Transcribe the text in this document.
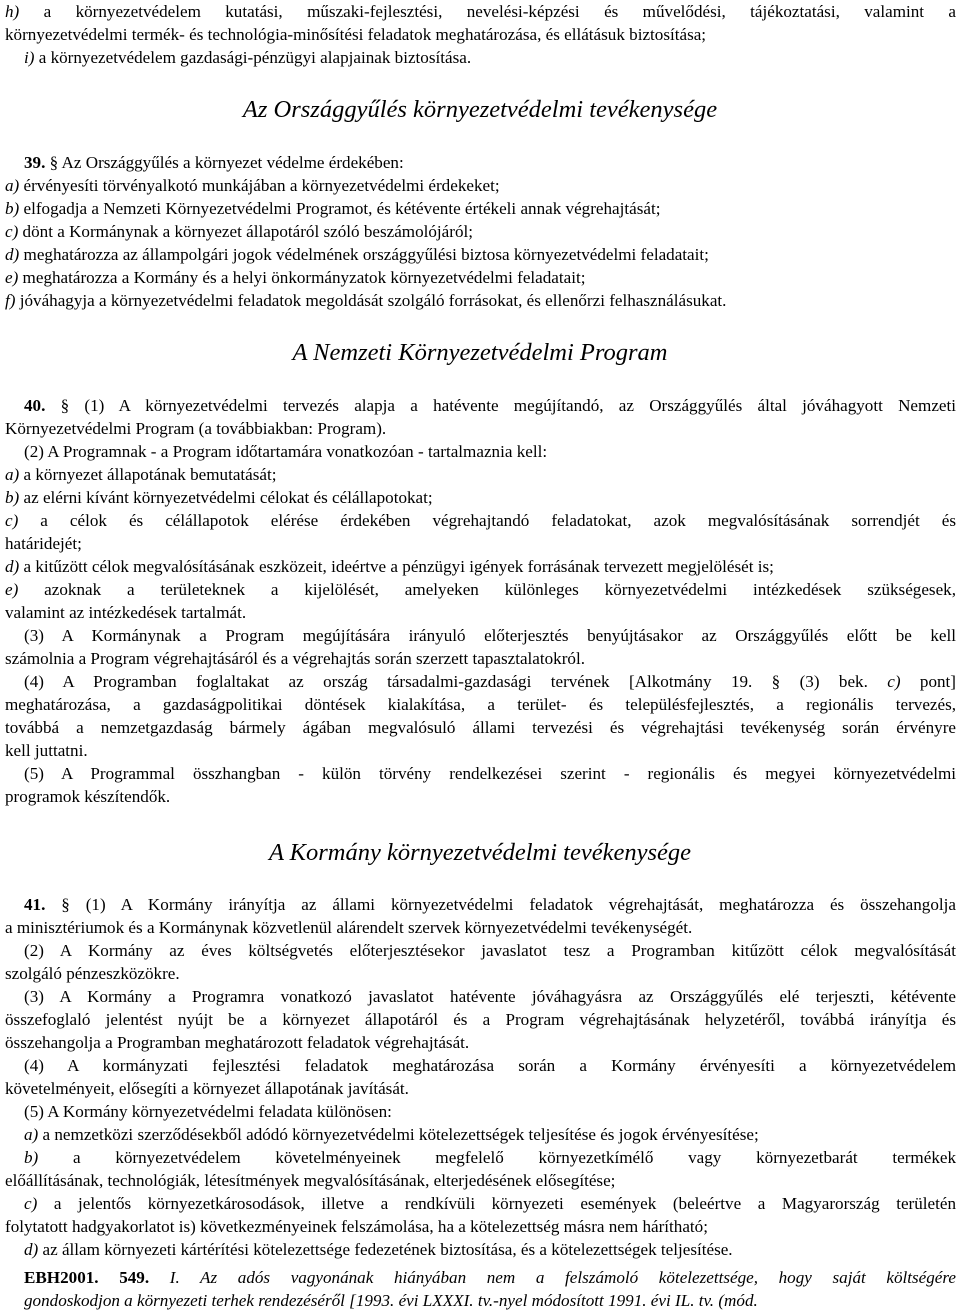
h) a környezetvédelem kutatási, műszaki-fejlesztési, nevelési-képzési és művelődési, tájékoztatási, valamint a
környezetvédelmi termék- és technológia-minősítési feladatok meghatározása, és ellátásuk biztosítása;
i) a környezetvédelem gazdasági-pénzügyi alapjainak biztosítása.
Az Országgyűlés környezetvédelmi tevékenysége
39. § Az Országgyűlés a környezet védelme érdekében:
a) érvényesíti törvényalkotó munkájában a környezetvédelmi érdekeket;
b) elfogadja a Nemzeti Környezetvédelmi Programot, és kétévente értékeli annak végrehajtását;
c) dönt a Kormánynak a környezet állapotáról szóló beszámolójáról;
d) meghatározza az állampolgári jogok védelmének országgyűlési biztosa környezetvédelmi feladatait;
e) meghatározza a Kormány és a helyi önkormányzatok környezetvédelmi feladatait;
f) jóváhagyja a környezetvédelmi feladatok megoldását szolgáló forrásokat, és ellenőrzi felhasználásukat.
A Nemzeti Környezetvédelmi Program
40. § (1) A környezetvédelmi tervezés alapja a hatévente megújítandó, az Országgyűlés által jóváhagyott Nemzeti
Környezetvédelmi Program (a továbbiakban: Program).
(2) A Programnak - a Program időtartamára vonatkozóan - tartalmaznia kell:
a) a környezet állapotának bemutatását;
b) az elérni kívánt környezetvédelmi célokat és célállapotokat;
c) a célok és célállapotok elérése érdekében végrehajtandó feladatokat, azok megvalósításának sorrendjét és
határidejét;
d) a kitűzött célok megvalósításának eszközeit, ideértve a pénzügyi igények forrásának tervezett megjelölését is;
e) azoknak a területeknek a kijelölését, amelyeken különleges környezetvédelmi intézkedések szükségesek,
valamint az intézkedések tartalmát.
(3) A Kormánynak a Program megújítására irányuló előterjesztés benyújtásakor az Országgyűlés előtt be kell
számolnia a Program végrehajtásáról és a végrehajtás során szerzett tapasztalatokról.
(4) A Programban foglaltakat az ország társadalmi-gazdasági tervének [Alkotmány 19. § (3) bek. c) pont]
meghatározása, a gazdaságpolitikai döntések kialakítása, a terület- és településfejlesztés, a regionális tervezés,
továbbá a nemzetgazdaság bármely ágában megvalósuló állami tervezési és végrehajtási tevékenység során érvényre
kell juttatni.
(5) A Programmal összhangban - külön törvény rendelkezései szerint - regionális és megyei környezetvédelmi
programok készítendők.
A Kormány környezetvédelmi tevékenysége
41. § (1) A Kormány irányítja az állami környezetvédelmi feladatok végrehajtását, meghatározza és összehangolja
a minisztériumok és a Kormánynak közvetlenül alárendelt szervek környezetvédelmi tevékenységét.
(2) A Kormány az éves költségvetés előterjesztésekor javaslatot tesz a Programban kitűzött célok megvalósítását
szolgáló pénzeszközökre.
(3) A Kormány a Programra vonatkozó javaslatot hatévente jóváhagyásra az Országgyűlés elé terjeszti, kétévente
összefoglaló jelentést nyújt be a környezet állapotáról és a Program végrehajtásának helyzetéről, továbbá irányítja és
összehangolja a Programban meghatározott feladatok végrehajtását.
(4) A kormányzati fejlesztési feladatok meghatározása során a Kormány érvényesíti a környezetvédelem
követelményeit, elősegíti a környezet állapotának javítását.
(5) A Kormány környezetvédelmi feladata különösen:
a) a nemzetközi szerződésekből adódó környezetvédelmi kötelezettségek teljesítése és jogok érvényesítése;
b) a környezetvédelem követelményeinek megfelelő környezetkímélő vagy környezetbarát termékek
előállításának, technológiák, létesítmények megvalósításának, elterjedésének elősegítése;
c) a jelentős környezetkárosodások, illetve a rendkívüli környezeti események (beleértve a Magyarország területén
folytatott hadgyakorlatot is) következményeinek felszámolása, ha a kötelezettség másra nem hárítható;
d) az állam környezeti kártérítési kötelezettsége fedezetének biztosítása, és a kötelezettségek teljesítése.
EBH2001. 549. I. Az adós vagyonának hiányában nem a felszámoló kötelezettsége, hogy saját költségére
gondoskodjon a környezeti terhek rendezéséről [1993. évi LXXXI. tv.-nyel módosított 1991. évi IL. tv. (mód.
